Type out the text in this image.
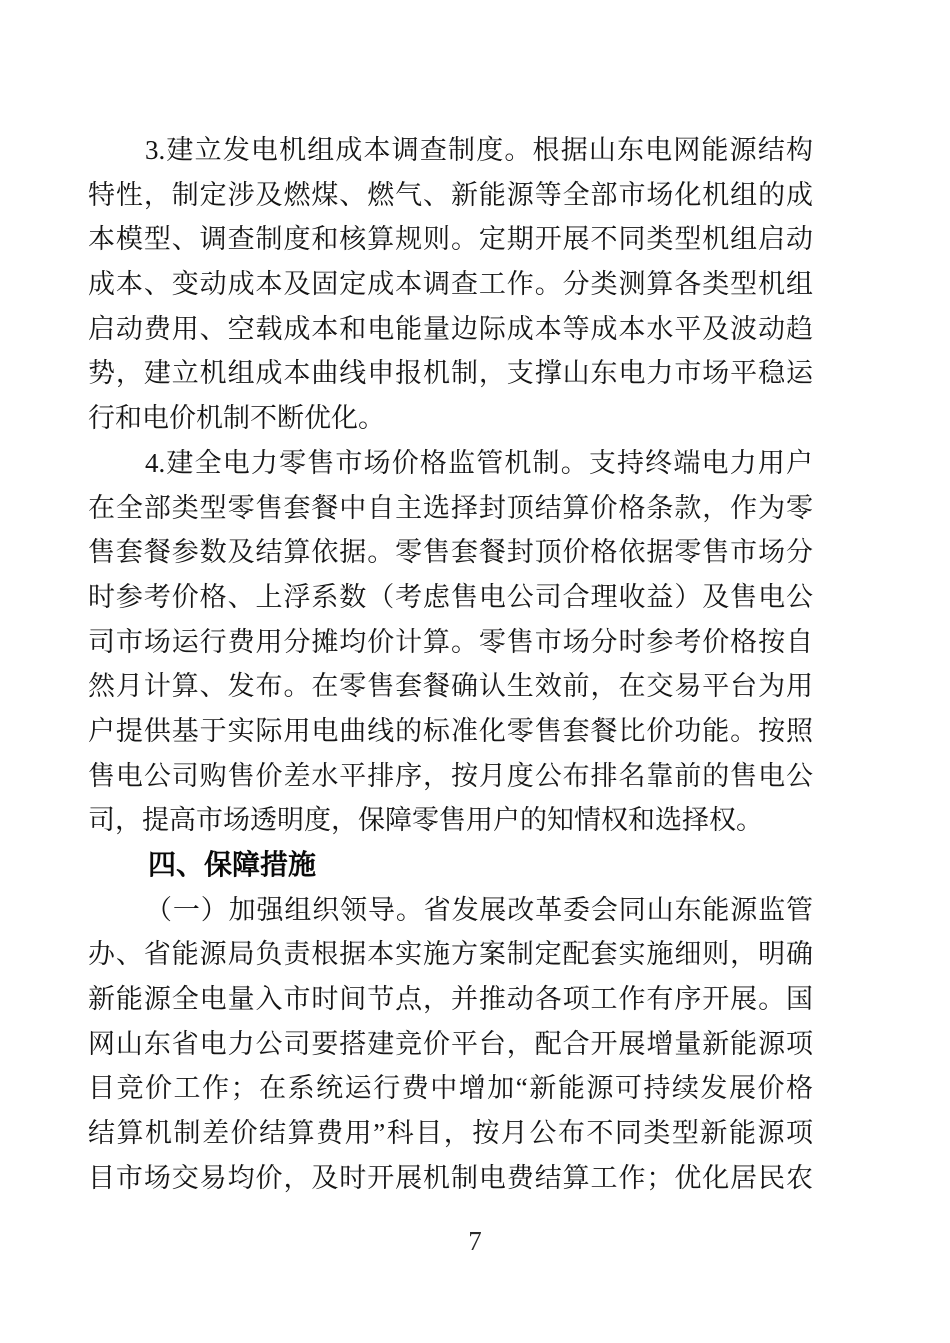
3.建立发电机组成本调查制度。根据山东电网能源结构
特性，制定涉及燃煤、燃气、新能源等全部市场化机组的成
本模型、调查制度和核算规则。定期开展不同类型机组启动
成本、变动成本及固定成本调查工作。分类测算各类型机组
启动费用、空载成本和电能量边际成本等成本水平及波动趋
势，建立机组成本曲线申报机制，支撑山东电力市场平稳运
行和电价机制不断优化。
4.建全电力零售市场价格监管机制。支持终端电力用户
在全部类型零售套餐中自主选择封顶结算价格条款，作为零
售套餐参数及结算依据。零售套餐封顶价格依据零售市场分
时参考价格、上浮系数（考虑售电公司合理收益）及售电公
司市场运行费用分摊均价计算。零售市场分时参考价格按自
然月计算、发布。在零售套餐确认生效前，在交易平台为用
户提供基于实际用电曲线的标准化零售套餐比价功能。按照
售电公司购售价差水平排序，按月度公布排名靠前的售电公
司，提高市场透明度，保障零售用户的知情权和选择权。
四、保障措施
（一）加强组织领导。省发展改革委会同山东能源监管
办、省能源局负责根据本实施方案制定配套实施细则，明确
新能源全电量入市时间节点，并推动各项工作有序开展。国
网山东省电力公司要搭建竞价平台，配合开展增量新能源项
目竞价工作；在系统运行费中增加“新能源可持续发展价格
结算机制差价结算费用”科目，按月公布不同类型新能源项
目市场交易均价，及时开展机制电费结算工作；优化居民农
7
